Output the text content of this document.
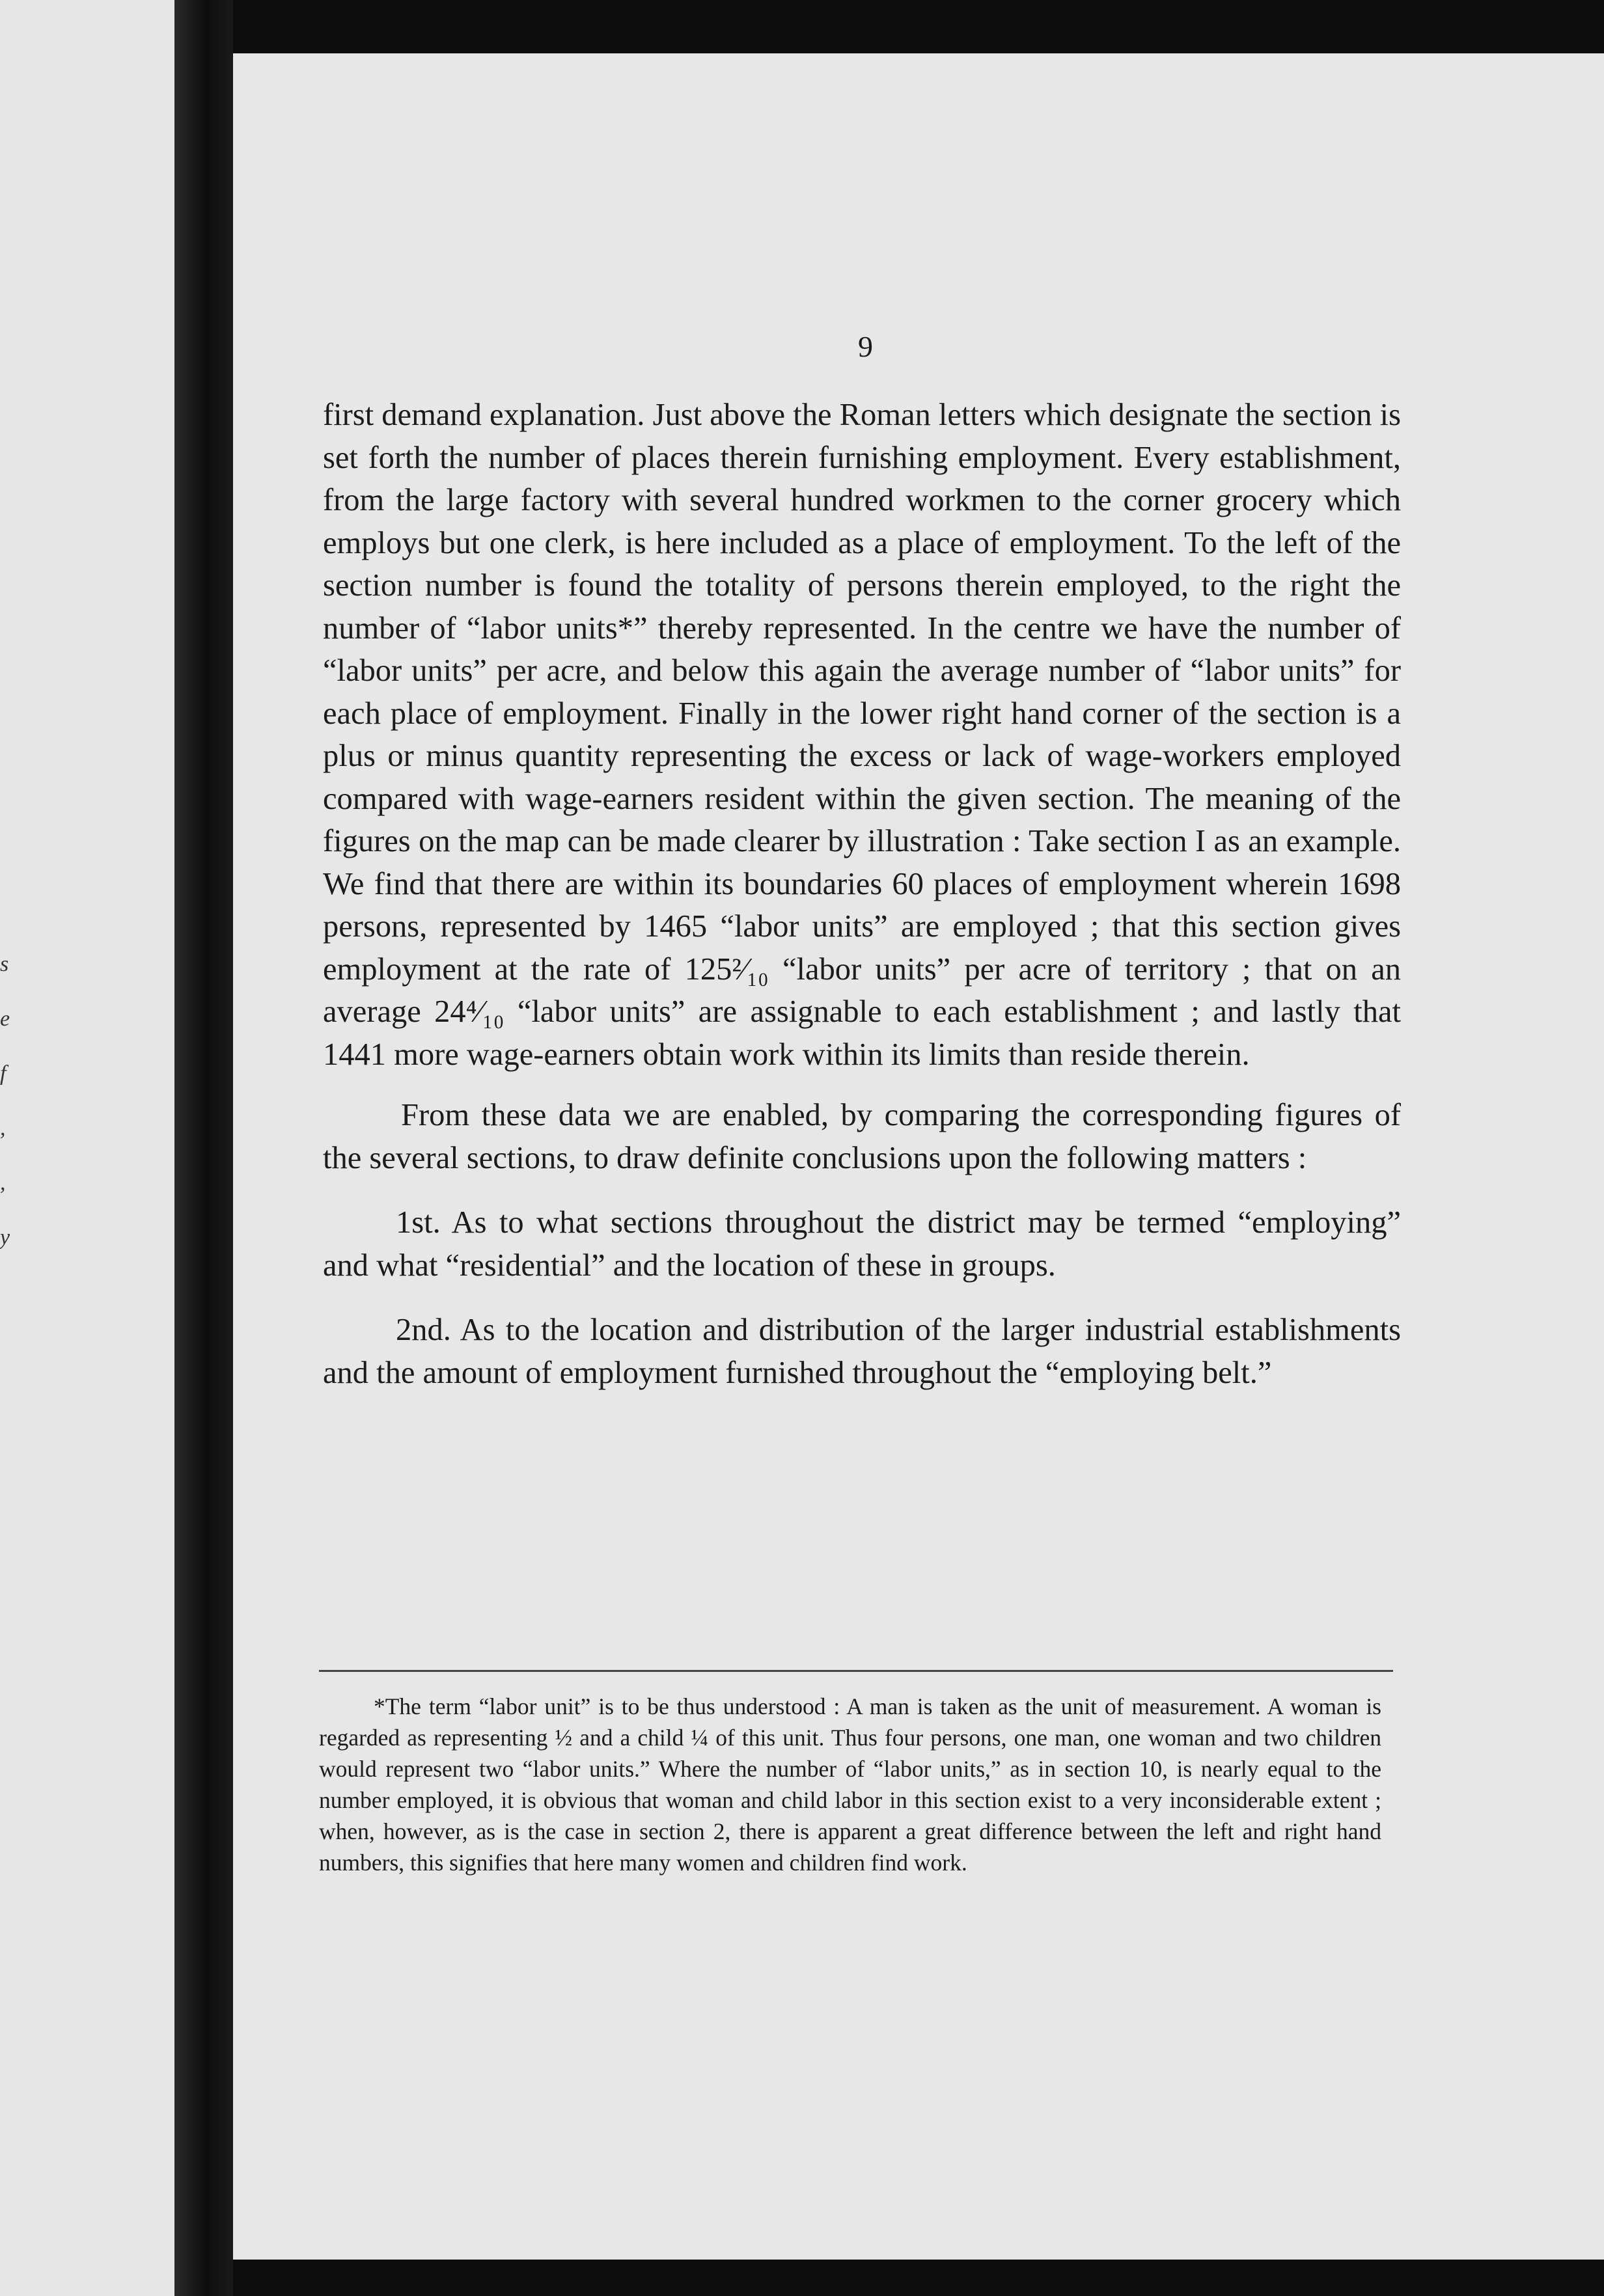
s
e
f
,
,
y
9

first demand explanation. Just above the Roman letters which designate the section is set forth the number of places therein furnishing employment. Every establishment, from the large factory with several hundred workmen to the corner grocery which employs but one clerk, is here included as a place of employment. To the left of the section number is found the totality of persons therein employed, to the right the number of “labor units*” thereby represented. In the centre we have the number of “labor units” per acre, and below this again the average number of “labor units” for each place of employment. Finally in the lower right hand corner of the section is a plus or minus quantity representing the excess or lack of wage-workers employed compared with wage-earners resident within the given section. The meaning of the figures on the map can be made clearer by illustration : Take section I as an example. We find that there are within its boundaries 60 places of employment wherein 1698 persons, represented by 1465 “labor units” are employed ; that this section gives employment at the rate of 125²⁄₁₀ “labor units” per acre of territory ; that on an average 24⁴⁄₁₀ “labor units” are assignable to each establishment ; and lastly that 1441 more wage-earners obtain work within its limits than reside therein.

From these data we are enabled, by comparing the corresponding figures of the several sections, to draw definite conclusions upon the following matters :

1st. As to what sections throughout the district may be termed “employing” and what “residential” and the location of these in groups.

2nd. As to the location and distribution of the larger industrial establishments and the amount of employment furnished throughout the “employing belt.”

*The term “labor unit” is to be thus understood : A man is taken as the unit of measurement. A woman is regarded as representing ½ and a child ¼ of this unit. Thus four persons, one man, one woman and two children would represent two “labor units.” Where the number of “labor units,” as in section 10, is nearly equal to the number employed, it is obvious that woman and child labor in this section exist to a very inconsiderable extent ; when, however, as is the case in section 2, there is apparent a great difference between the left and right hand numbers, this signifies that here many women and children find work.
